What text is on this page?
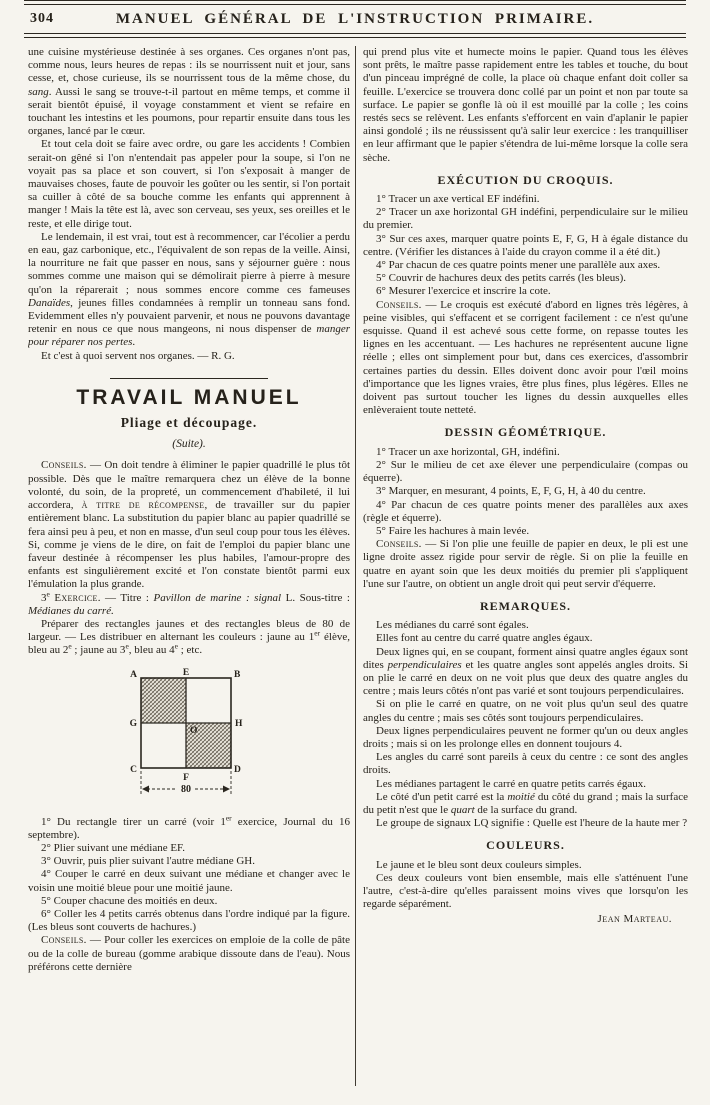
304	MANUEL GÉNÉRAL DE L'INSTRUCTION PRIMAIRE.

une cuisine mystérieuse destinée à ses organes. Ces organes n'ont pas, comme nous, leurs heures de repas : ils se nourrissent nuit et jour, sans cesse, et, chose curieuse, ils se nourrissent tous de la même chose, du sang. Aussi le sang se trouve-t-il partout en même temps, et comme il serait bientôt épuisé, il voyage constamment et vient se refaire en touchant les intestins et les poumons, pour repartir ensuite dans tous les organes, lancé par le cœur.

Et tout cela doit se faire avec ordre, ou gare les accidents ! Combien serait-on gêné si l'on n'entendait pas appeler pour la soupe, si l'on ne voyait pas sa place et son couvert, si l'on s'exposait à manger de mauvaises choses, faute de pouvoir les goûter ou les sentir, si l'on portait sa cuiller à côté de sa bouche comme les enfants qui apprennent à manger ! Mais la tête est là, avec son cerveau, ses yeux, ses oreilles et le reste, et elle dirige tout.

Le lendemain, il est vrai, tout est à recommencer, car l'écolier a perdu en eau, gaz carbonique, etc., l'équivalent de son repas de la veille. Ainsi, la nourriture ne fait que passer en nous, sans y séjourner guère : nous sommes comme une maison qui se démolirait pierre à pierre à mesure qu'on la réparerait ; nous sommes encore comme ces fameuses Danaïdes, jeunes filles condamnées à remplir un tonneau sans fond. Evidemment elles n'y pouvaient parvenir, et nous ne pouvons davantage retenir en nous ce que nous mangeons, ni nous dispenser de manger pour réparer nos pertes.

Et c'est à quoi servent nos organes. — R. G.

TRAVAIL MANUEL

Pliage et découpage.

(Suite).

Conseils. — On doit tendre à éliminer le papier quadrillé le plus tôt possible. Dès que le maître remarquera chez un élève de la bonne volonté, du soin, de la propreté, un commencement d'habileté, il lui accordera, à titre de récompense, de travailler sur du papier entièrement blanc. La substitution du papier blanc au papier quadrillé se fera ainsi peu à peu, et non en masse, d'un seul coup pour tous les élèves. Si, comme je viens de le dire, on fait de l'emploi du papier blanc une faveur destinée à récompenser les plus habiles, l'amour-propre des enfants est singulièrement excité et l'on constate bientôt parmi eux l'émulation la plus grande.

3e Exercice. — Titre : Pavillon de marine : signal L. Sous-titre : Médianes du carré.

Préparer des rectangles jaunes et des rectangles bleus de 80 de largeur. — Les distribuer en alternant les couleurs : jaune au 1er élève, bleu au 2e ; jaune au 3e, bleu au 4e ; etc.

A	E	B
G
O
H
C
F
D
80

1° Du rectangle tirer un carré (voir 1er exercice, Journal du 16 septembre).

2° Plier suivant une médiane EF.

3° Ouvrir, puis plier suivant l'autre médiane GH.

4° Couper le carré en deux suivant une médiane et changer avec le voisin une moitié bleue pour une moitié jaune.

5° Couper chacune des moitiés en deux.

6° Coller les 4 petits carrés obtenus dans l'ordre indiqué par la figure. (Les bleus sont couverts de hachures.)

Conseils. — Pour coller les exercices on emploie de la colle de pâte ou de la colle de bureau (gomme arabique dissoute dans de l'eau). Nous préférons cette dernière

qui prend plus vite et humecte moins le papier. Quand tous les élèves sont prêts, le maître passe rapidement entre les tables et touche, du bout d'un pinceau imprégné de colle, la place où chaque enfant doit coller sa feuille. L'exercice se trouvera donc collé par un point et non par toute sa surface. Le papier se gonfle là où il est mouillé par la colle ; les coins restés secs se relèvent. Les enfants s'efforcent en vain d'aplanir le papier ainsi gondolé ; ils ne réussissent qu'à salir leur exercice : les tranquilliser en leur affirmant que le papier s'étendra de lui-même lorsque la colle sera sèche.

EXÉCUTION DU CROQUIS.

1° Tracer un axe vertical EF indéfini.

2° Tracer un axe horizontal GH indéfini, perpendiculaire sur le milieu du premier.

3° Sur ces axes, marquer quatre points E, F, G, H à égale distance du centre. (Vérifier les distances à l'aide du crayon comme il a été dit.)

4° Par chacun de ces quatre points mener une parallèle aux axes.

5° Couvrir de hachures deux des petits carrés (les bleus).

6° Mesurer l'exercice et inscrire la cote.

Conseils. — Le croquis est exécuté d'abord en lignes très légères, à peine visibles, qui s'effacent et se corrigent facilement : ce n'est qu'une esquisse. Quand il est achevé sous cette forme, on repasse toutes les lignes en les accentuant. — Les hachures ne représentent aucune ligne réelle ; elles ont simplement pour but, dans ces exercices, d'assombrir certaines parties du dessin. Elles doivent donc avoir pour l'œil moins d'importance que les lignes vraies, être plus fines, plus légères. Elles ne doivent pas surtout toucher les lignes du dessin auxquelles elles enlèveraient toute netteté.

DESSIN GÉOMÉTRIQUE.

1° Tracer un axe horizontal, GH, indéfini.

2° Sur le milieu de cet axe élever une perpendiculaire (compas ou équerre).

3° Marquer, en mesurant, 4 points, E, F, G, H, à 40 du centre.

4° Par chacun de ces quatre points mener des parallèles aux axes (règle et équerre).

5° Faire les hachures à main levée.

Conseils. — Si l'on plie une feuille de papier en deux, le pli est une ligne droite assez rigide pour servir de règle. Si on plie la feuille en quatre en ayant soin que les deux moitiés du premier pli s'appliquent l'une sur l'autre, on obtient un angle droit qui peut servir d'équerre.

REMARQUES.

Les médianes du carré sont égales.

Elles font au centre du carré quatre angles égaux.

Deux lignes qui, en se coupant, forment ainsi quatre angles égaux sont dites perpendiculaires et les quatre angles sont appelés angles droits. Si on plie le carré en deux on ne voit plus que deux des quatre angles du centre ; mais leurs côtés n'ont pas varié et sont toujours perpendiculaires.

Si on plie le carré en quatre, on ne voit plus qu'un seul des quatre angles du centre ; mais ses côtés sont toujours perpendiculaires.

Deux lignes perpendiculaires peuvent ne former qu'un ou deux angles droits ; mais si on les prolonge elles en donnent toujours 4.

Les angles du carré sont pareils à ceux du centre : ce sont des angles droits.

Les médianes partagent le carré en quatre petits carrés égaux.

Le côté d'un petit carré est la moitié du côté du grand ; mais la surface du petit n'est que le quart de la surface du grand.

Le groupe de signaux LQ signifie : Quelle est l'heure de la haute mer ?

COULEURS.

Le jaune et le bleu sont deux couleurs simples.

Ces deux couleurs vont bien ensemble, mais elle s'atténuent l'une l'autre, c'est-à-dire qu'elles paraissent moins vives que lorsqu'on les regarde séparément.

Jean Marteau.
